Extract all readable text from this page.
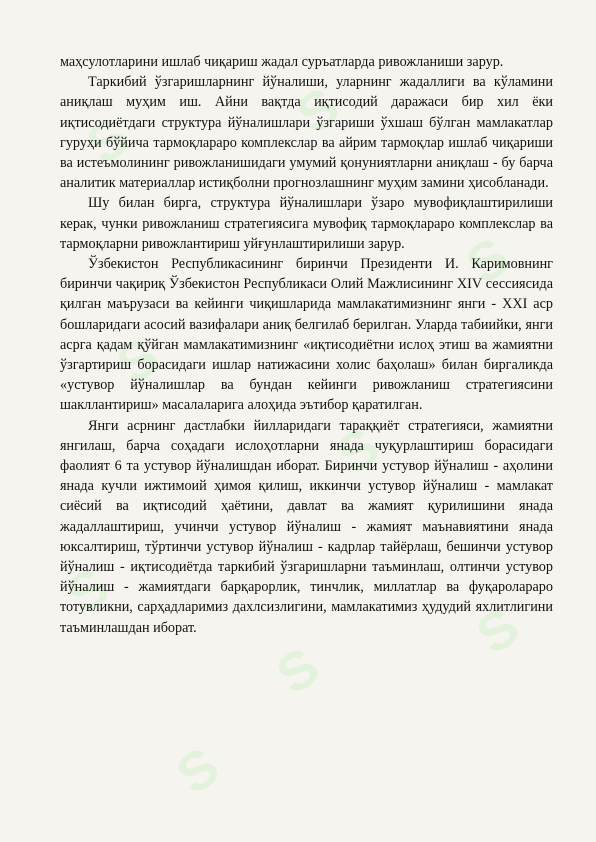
S	S
S
S
S
S
S
S
S

маҳсулотларини ишлаб чиқариш жадал суръатларда ривожланиши зарур.

Таркибий ўзгаришларнинг йўналиши, уларнинг жадаллиги ва кўламини аниқлаш муҳим иш. Айни вақтда иқтисодий даражаси бир хил ёки иқтисодиётдаги структура йўналишлари ўзгариши ўхшаш бўлган мамлакатлар гуруҳи бўйича тармоқлараро комплекслар ва айрим тармоқлар ишлаб чиқариши ва истеъмолининг ривожланишидаги умумий қонуниятларни аниқлаш - бу барча аналитик материаллар истиқболни прогнозлашнинг муҳим замини ҳисобланади.

Шу билан бирга, структура йўналишлари ўзаро мувофиқлаштирилиши керак, чунки ривожланиш стратегиясига мувофиқ тармоқлараро комплекслар ва тармоқларни ривожлантириш уйғунлаштирилиши зарур.

Ўзбекистон Республикасининг биринчи Президенти И. Каримовнинг биринчи чақириқ Ўзбекистон Республикаси Олий Мажлисининг XIV сессиясида қилган маърузаси ва кейинги чиқишларида мамлакатимизнинг янги - XXI аср бошларидаги асосий вазифалари аниқ белгилаб берилган. Уларда табиийки, янги асрга қадам қўйган мамлакатимизнинг «иқтисодиётни ислоҳ этиш ва жамиятни ўзгартириш борасидаги ишлар натижасини холис баҳолаш» билан биргаликда «устувор йўналишлар ва бундан кейинги ривожланиш стратегиясини шакллантириш» масалаларига алоҳида эътибор қаратилган.

Янги асрнинг дастлабки йилларидаги тараққиёт стратегияси, жамиятни янгилаш, барча соҳадаги ислоҳотларни янада чуқурлаштириш борасидаги фаолият 6 та устувор йўналишдан иборат. Биринчи устувор йўналиш - аҳолини янада кучли ижтимоий ҳимоя қилиш, иккинчи устувор йўналиш - мамлакат сиёсий ва иқтисодий ҳаётини, давлат ва жамият қурилишини янада жадаллаштириш, учинчи устувор йўналиш - жамият маънавиятини янада юксалтириш, тўртинчи устувор йўналиш - кадрлар тайёрлаш, бешинчи устувор йўналиш - иқтисодиётда таркибий ўзгаришларни таъминлаш, олтинчи устувор йўналиш - жамиятдаги барқарорлик, тинчлик, миллатлар ва фуқаролараро тотувликни, сарҳадларимиз дахлсизлигини, мамлакатимиз ҳудудий яхлитлигини таъминлашдан иборат.
